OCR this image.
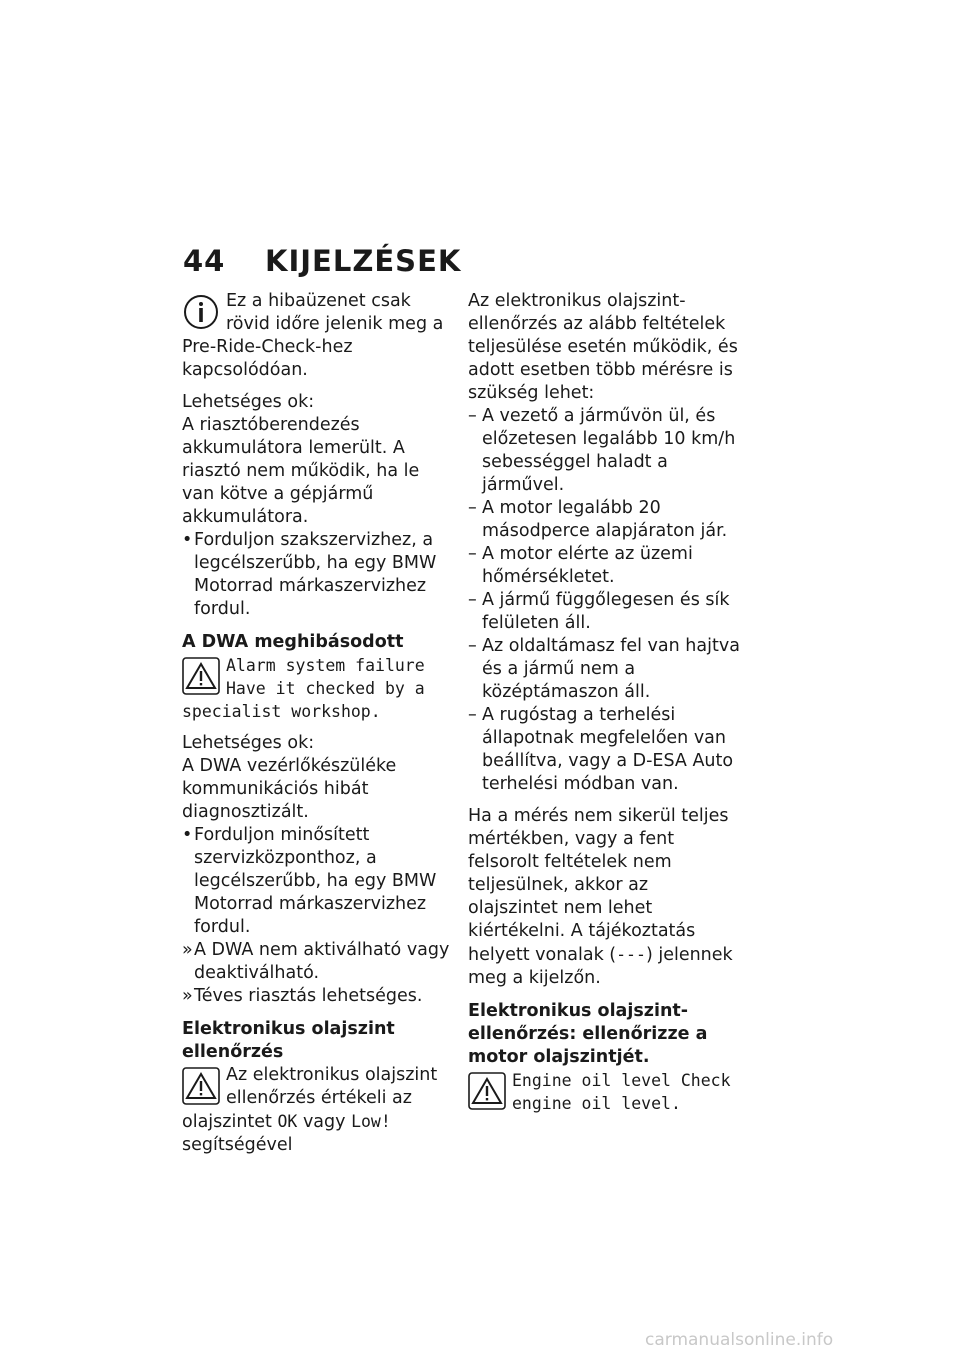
44	KIJELZÉSEK

Ez a hibaüzenet csak rövid időre jelenik meg a Pre-Ride-Check-hez kapcsolódóan.

Lehetséges ok:

A riasztóberendezés akkumulátora lemerült. A riasztó nem működik, ha le van kötve a gépjármű akkumulátora.

• Forduljon szakszervizhez, a legcélszerűbb, ha egy BMW Motorrad márkaszervizhez fordul.

A DWA meghibásodott

Alarm system failure Have it checked by a specialist workshop.

Lehetséges ok:

A DWA vezérlőkészüléke kommunikációs hibát diagnosztizált.

• Forduljon minősített szervizközponthoz, a legcélszerűbb, ha egy BMW Motorrad márkaszervizhez fordul.
» A DWA nem aktiválható vagy deaktiválható.
» Téves riasztás lehetséges.

Elektronikus olajszint ellenőrzés

Az elektronikus olajszint ellenőrzés értékeli az olajszintet OK vagy Low! segítségével

Az elektronikus olajszint-ellenőrzés az alább feltételek teljesülése esetén működik, és adott esetben több mérésre is szükség lehet:

– A vezető a járművön ül, és előzetesen legalább 10 km/h sebességgel haladt a járművel.
– A motor legalább 20 másodperce alapjáraton jár.
– A motor elérte az üzemi hőmérsékletet.
– A jármű függőlegesen és sík felületen áll.
– Az oldaltámasz fel van hajtva és a jármű nem a középtámaszon áll.
– A rugóstag a terhelési állapotnak megfelelően van beállítva, vagy a D-ESA Auto terhelési módban van.

Ha a mérés nem sikerül teljes mértékben, vagy a fent felsorolt feltételek nem teljesülnek, akkor az olajszintet nem lehet kiértékelni. A tájékoztatás helyett vonalak (---) jelennek meg a kijelzőn.

Elektronikus olajszint-ellenőrzés: ellenőrizze a motor olajszintjét.

Engine oil level Check engine oil level.

carmanualsonline.info
